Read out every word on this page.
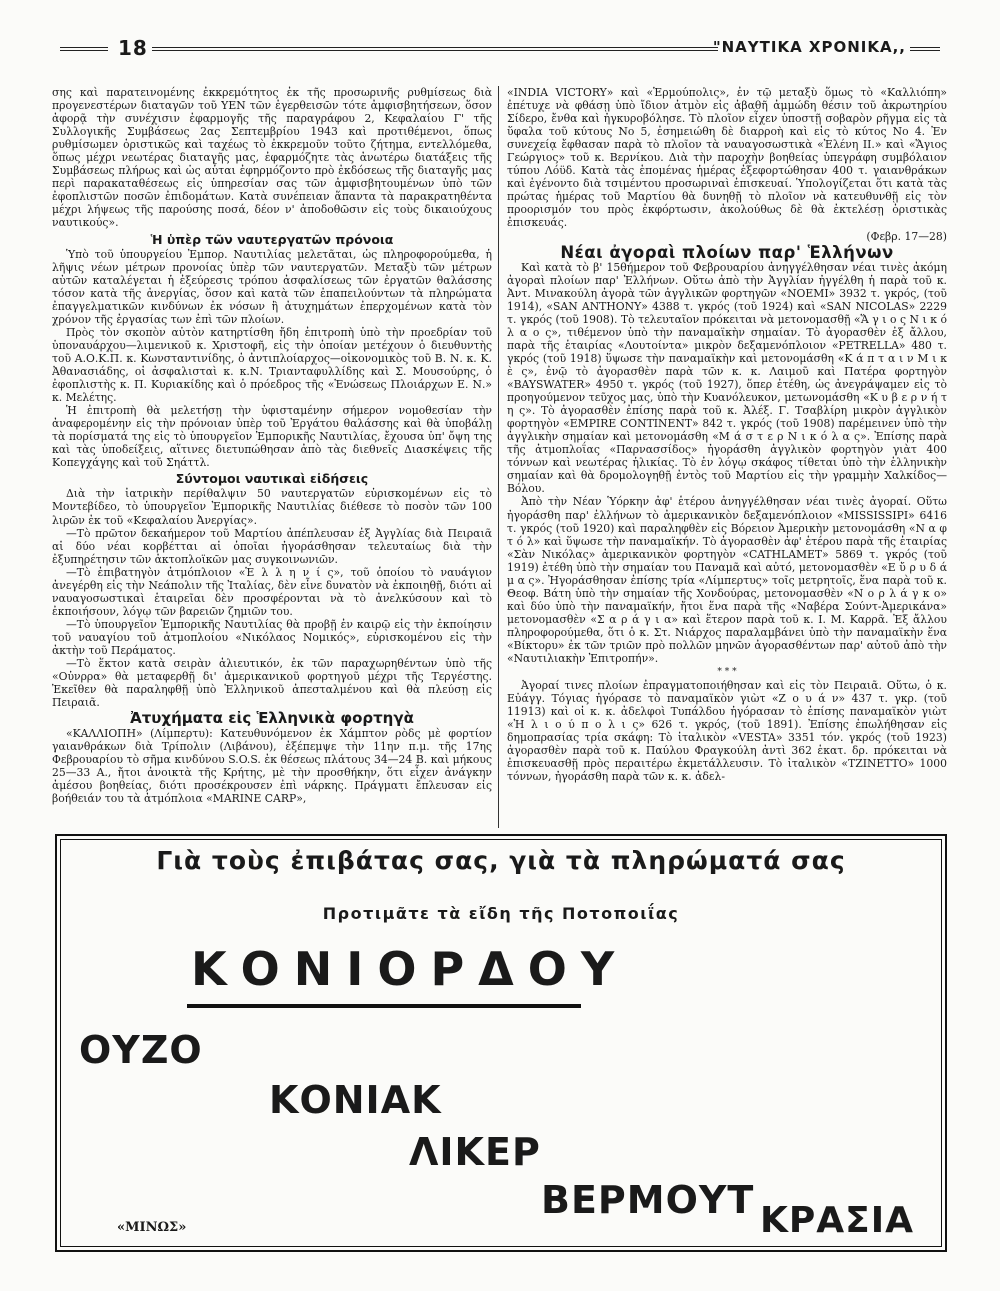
18	"ΝΑΥΤΙΚΑ ΧΡΟΝΙΚΑ,,

σης καὶ παρατεινομένης ἐκκρεμότητος ἐκ τῆς προσωρινῆς ρυθμίσεως διὰ προγενεστέρων διαταγῶν τοῦ ΥΕΝ τῶν ἐγερθεισῶν τότε ἀμφισβητήσεων, ὅσον ἀφορᾷ τὴν συνέχισιν ἐφαρμογῆς τῆς παραγράφου 2, Κεφαλαίου Γ' τῆς Συλλογικῆς Συμβάσεως 2ας Σεπτεμβρίου 1943 καὶ προτιθέμενοι, ὅπως ρυθμίσωμεν ὁριστικῶς καὶ ταχέως τὸ ἐκκρεμοῦν τοῦτο ζήτημα, εντελλόμεθα, ὅπως μέχρι νεωτέρας διαταγῆς μας, ἐφαρμόζητε τὰς ἀνωτέρω διατάξεις τῆς Συμβάσεως πλήρως καὶ ὡς αὗται ἐφηρμόζοντο πρὸ ἐκδόσεως τῆς διαταγῆς μας περὶ παρακαταθέσεως εἰς ὑπηρεσίαν σας τῶν ἀμφισβητουμένων ὑπὸ τῶν ἐφοπλιστῶν ποσῶν ἐπιδομάτων. Κατὰ συνέπειαν ἅπαντα τὰ παρακρατηθέντα μέχρι λήψεως τῆς παρούσης ποσά, δέον ν' ἀποδοθῶσιν εἰς τοὺς δικαιούχους ναυτικούς».

Ἡ ὑπὲρ τῶν ναυτεργατῶν πρόνοια

Ὑπὸ τοῦ ὑπουργείου Ἐμπορ. Ναυτιλίας μελετᾶται, ὡς πληροφορούμεθα, ἡ λῆψις νέων μέτρων προνοίας ὑπὲρ τῶν ναυτεργατῶν. Μεταξὺ τῶν μέτρων αὐτῶν καταλέγεται ἡ ἐξεύρεσις τρόπου ἀσφαλίσεως τῶν ἐργατῶν θαλάσσης τόσον κατὰ τῆς ἀνεργίας, ὅσον καὶ κατὰ τῶν ἐπαπειλούντων τὰ πληρώματα ἐπαγγελματικῶν κινδύνων ἐκ νόσων ἢ ἀτυχημάτων ἐπερχομένων κατὰ τὸν χρόνον τῆς ἐργασίας των ἐπὶ τῶν πλοίων.

Πρὸς τὸν σκοπὸν αὐτὸν κατηρτίσθη ἤδη ἐπιτροπὴ ὑπὸ τὴν προεδρίαν τοῦ ὑποναυάρχου—λιμενικοῦ κ. Χριστοφῆ, εἰς τὴν ὁποίαν μετέχουν ὁ διευθυντὴς τοῦ Α.Ο.Κ.Π. κ. Κωνσταντινίδης, ὁ ἀντιπλοίαρχος—οἰκονομικὸς τοῦ Β. Ν. κ. Κ. Ἀθανασιάδης, οἱ ἀσφαλισταὶ κ. κ.Ν. Τριανταφυλλίδης καὶ Σ. Μουσούρης, ὁ ἐφοπλιστὴς κ. Π. Κυριακίδης καὶ ὁ πρόεδρος τῆς «Ἑνώσεως Πλοιάρχων Ε. Ν.» κ. Μελέτης.

Ἡ ἐπιτροπὴ θὰ μελετήσῃ τὴν ὑφισταμένην σήμερον νομοθεσίαν τὴν ἀναφερομένην εἰς τὴν πρόνοιαν ὑπὲρ τοῦ Ἐργάτου θαλάσσης καὶ θὰ ὑποβάλῃ τὰ πορίσματά της εἰς τὸ ὑπουργεῖον Ἐμπορικῆς Ναυτιλίας, ἔχουσα ὑπ' ὄψη της καὶ τὰς ὑποδείξεις, αἵτινες διετυπώθησαν ἀπὸ τὰς διεθνεῖς Διασκέψεις τῆς Κοπεγχάγης καὶ τοῦ Σηάττλ.

Σύντομοι ναυτικαὶ εἰδήσεις

Διὰ τὴν ἰατρικὴν περίθαλψιν 50 ναυτεργατῶν εὑρισκομένων εἰς τὸ Μοντεβίδεο, τὸ ὑπουργεῖον Ἐμπορικῆς Ναυτιλίας διέθεσε τὸ ποσὸν τῶν 100 λιρῶν ἐκ τοῦ «Κεφαλαίου Ἀνεργίας».

—Τὸ πρῶτον δεκαήμερον τοῦ Μαρτίου ἀπέπλευσαν ἐξ Ἀγγλίας διὰ Πειραιᾶ αἱ δύο νέαι κορβέτται αἱ ὁποῖαι ἠγοράσθησαν τελευταίως διὰ τὴν ἐξυπηρέτησιν τῶν ἀκτοπλοϊκῶν μας συγκοινωνιῶν.

—Τὸ ἐπιβατηγὸν ἀτμόπλοιον «Ἑ λ λ η ν ί ς», τοῦ ὁποίου τὸ ναυάγιον ἀνεγέρθη εἰς τὴν Νεάπολιν τῆς Ἰταλίας, δὲν εἶνε δυνατὸν νὰ ἐκποιηθῇ, διότι αἱ ναυαγοσωστικαὶ ἑταιρεῖαι δὲν προσφέρονται νὰ τὸ ἀνελκύσουν καὶ τὸ ἐκποιήσουν, λόγῳ τῶν βαρειῶν ζημιῶν του.

—Τὸ ὑπουργεῖον Ἐμπορικῆς Ναυτιλίας θὰ προβῇ ἐν καιρῷ εἰς τὴν ἐκποίησιν τοῦ ναυαγίου τοῦ ἀτμοπλοίου «Νικόλαος Νομικός», εὑρισκομένου εἰς τὴν ἀκτὴν τοῦ Περάματος.

—Τὸ ἕκτον κατὰ σειρὰν ἁλιευτικόν, ἐκ τῶν παραχωρηθέντων ὑπὸ τῆς «Οὐνρρα» θὰ μεταφερθῇ δι' ἀμερικανικοῦ φορτηγοῦ μέχρι τῆς Τεργέστης. Ἐκεῖθεν θὰ παραληφθῇ ὑπὸ Ἑλληνικοῦ ἀπεσταλμένου καὶ θὰ πλεύσῃ εἰς Πειραιᾶ.

Ἀτυχήματα εἰς Ἑλληνικὰ φορτηγὰ

«ΚΑΛΛΙΟΠΗ» (Λίμπερτυ): Κατευθυνόμενον ἐκ Χάμπτον ρὸδς μὲ φορτίον γαιανθράκων διὰ Τρίπολιν (Λιβάνου), ἐξέπεμψε τὴν 11ην π.μ. τῆς 17ης Φεβρουαρίου τὸ σῆμα κινδύνου S.O.S. ἐκ θέσεως πλάτους 34—24 Β. καὶ μήκους 25—33 Α., ἤτοι ἀνοικτὰ τῆς Κρήτης, μὲ τὴν προσθήκην, ὅτι εἶχεν ἀνάγκην ἀμέσου βοηθείας, διότι προσέκρουσεν ἐπὶ νάρκης. Πράγματι ἔπλευσαν εἰς βοήθειάν του τὰ ἀτμόπλοια «MARINE CARP»,

«INDIA VICTORY» καὶ «Ἑρμούπολις», ἐν τῷ μεταξὺ ὅμως τὸ «Καλλιόπη» ἐπέτυχε νὰ φθάσῃ ὑπὸ ἴδιον ἀτμὸν εἰς ἀβαθῆ ἀμμώδη θέσιν τοῦ ἀκρωτηρίου Σίδερο, ἔνθα καὶ ἠγκυροβόλησε. Τὸ πλοῖον εἶχεν ὑποστῇ σοβαρὸν ρῆγμα εἰς τὰ ὕφαλα τοῦ κύτους Νο 5, ἐσημειώθη δὲ διαρροὴ καὶ εἰς τὸ κύτος Νο 4. Ἐν συνεχείᾳ ἔφθασαν παρὰ τὸ πλοῖον τὰ ναυαγοσωστικὰ «Ἑλένη ΙΙ.» καὶ «Ἅγιος Γεώργιος» τοῦ κ. Βερνίκου. Διὰ τὴν παροχὴν βοηθείας ὑπεγράφη συμβόλαιον τύπου Λόϋδ. Κατὰ τὰς ἑπομένας ἡμέρας ἐξεφορτώθησαν 400 τ. γαιανθράκων καὶ ἐγένοντο διὰ τσιμέντου προσωριναὶ ἐπισκευαί. Ὑπολογίζεται ὅτι κατὰ τὰς πρώτας ἡμέρας τοῦ Μαρτίου θὰ δυνηθῇ τὸ πλοῖον νὰ κατευθυνθῇ εἰς τὸν προορισμόν του πρὸς ἐκφόρτωσιν, ἀκολούθως δὲ θὰ ἐκτελέσῃ ὁριστικὰς ἐπισκευάς.

(Φεβρ. 17—28)

Νέαι ἀγοραὶ πλοίων παρ' Ἑλλήνων

Καὶ κατὰ τὸ β' 15θήμερον τοῦ Φεβρουαρίου ἀνηγγέλθησαν νέαι τινὲς ἀκόμη ἀγοραὶ πλοίων παρ' Ἑλλήνων. Οὕτω ἀπὸ τὴν Ἀγγλίαν ἠγγέλθη ἡ παρὰ τοῦ κ. Ἀντ. Μινακούλη ἀγορὰ τῶν ἀγγλικῶν φορτηγῶν «NOEMI» 3932 τ. γκρός, (τοῦ 1914), «SAN ANTHONY» 4388 τ. γκρός (τοῦ 1924) καὶ «SAN NICOLAS» 2229 τ. γκρός (τοῦ 1908). Τὸ τελευταῖον πρόκειται νὰ μετονομασθῇ «Ἅ γ ι ο ς Ν ι κ ό λ α ο ς», τιθέμενον ὑπὸ τὴν παναμαϊκὴν σημαίαν. Τὸ ἀγορασθὲν ἐξ ἄλλου, παρὰ τῆς ἑταιρίας «Λουτοίντα» μικρὸν δεξαμενόπλοιον «PETRELLA» 480 τ. γκρός (τοῦ 1918) ὕψωσε τὴν παναμαϊκὴν καὶ μετονομάσθη «Κ ά π τ α ι ν Μ ι κ ὲ ς», ἐνῷ τὸ ἀγορασθὲν παρὰ τῶν κ. κ. Λαιμοῦ καὶ Πατέρα φορτηγὸν «BAYSWATER» 4950 τ. γκρός (τοῦ 1927), ὅπερ ἐτέθη, ὡς ἀνεγράψαμεν εἰς τὸ προηγούμενον τεῦχος μας, ὑπὸ τὴν Κυανόλευκον, μετωνομάσθη «Κ υ β ε ρ ν ή τ η ς». Τὸ ἀγορασθὲν ἐπίσης παρὰ τοῦ κ. Ἀλέξ. Γ. Τσαβλίρη μικρὸν ἀγγλικὸν φορτηγὸν «EMPIRE CONTINENT» 842 τ. γκρός (τοῦ 1908) παρέμεινεν ὑπὸ τὴν ἀγγλικὴν σημαίαν καὶ μετονομάσθη «Μ ά σ τ ε ρ Ν ι κ ό λ α ς». Ἐπίσης παρὰ τῆς ἀτμοπλοΐας «Παρνασσίδος» ἠγοράσθη ἀγγλικὸν φορτηγὸν γιὰτ 400 τόννων καὶ νεωτέρας ἡλικίας. Τὸ ἐν λόγῳ σκάφος τίθεται ὑπὸ τὴν ἑλληνικὴν σημαίαν καὶ θὰ δρομολογηθῇ ἐντὸς τοῦ Μαρτίου εἰς τὴν γραμμὴν Χαλκίδος—Βόλου.

Ἀπὸ τὴν Νέαν Ὑόρκην ἀφ' ἑτέρου ἀνηγγέλθησαν νέαι τινὲς ἀγοραί. Οὕτω ἠγοράσθη παρ' ἑλλήνων τὸ ἀμερικανικὸν δεξαμενόπλοιον «MISSISSIPI» 6416 τ. γκρός (τοῦ 1920) καὶ παραληφθὲν εἰς Βόρειον Ἀμερικὴν μετονομάσθη «Ν α φ τ ό λ» καὶ ὕψωσε τὴν παναμαϊκήν. Τὸ ἀγορασθὲν ἀφ' ἑτέρου παρὰ τῆς ἑταιρίας «Σὰν Νικόλας» ἀμερικανικὸν φορτηγὸν «CATHLAMET» 5869 τ. γκρός (τοῦ 1919) ἐτέθη ὑπὸ τὴν σημαίαν του Παναμᾶ καὶ αὐτό, μετονομασθὲν «Ε ὔ ρ υ δ ά μ α ς». Ἠγοράσθησαν ἐπίσης τρία «Λίμπερτυς» τοῖς μετρητοῖς, ἕνα παρὰ τοῦ κ. Θεοφ. Βάτη ὑπὸ τὴν σημαίαν τῆς Χονδούρας, μετονομασθὲν «Ν ο ρ λ ά γ κ ο» καὶ δύο ὑπὸ τὴν παναμαϊκήν, ἤτοι ἕνα παρὰ τῆς «Ναβέρα Σούντ-Ἀμερικάνα» μετονομασθὲν «Σ α ρ ά γ ι α» καὶ ἕτερον παρὰ τοῦ κ. Ι. Μ. Καρρᾶ. Ἐξ ἄλλου πληροφορούμεθα, ὅτι ὁ κ. Στ. Νιάρχος παραλαμβάνει ὑπὸ τὴν παναμαϊκὴν ἕνα «Βίκτορυ» ἐκ τῶν τριῶν πρὸ πολλῶν μηνῶν ἀγορασθέντων παρ' αὐτοῦ ἀπὸ τὴν «Ναυτιλιακὴν Ἐπιτροπήν».

* * *

Ἀγοραί τινες πλοίων ἐπραγματοποιήθησαν καὶ εἰς τὸν Πειραιᾶ. Οὕτω, ὁ κ. Εὐάγγ. Τόγιας ἠγόρασε τὸ παναμαϊκὸν γιὼτ «Ζ ο υ ά ν» 437 τ. γκρ. (τοῦ 11913) καὶ οἱ κ. κ. ἀδελφοὶ Τυπάλδου ἠγόρασαν τὸ ἐπίσης παναμαϊκὸν γιὼτ «Ἡ λ ι ο ύ π ο λ ι ς» 626 τ. γκρός, (τοῦ 1891). Ἐπίσης ἐπωλήθησαν εἰς δημοπρασίας τρία σκάφη: Τὸ ἰταλικὸν «VESTA» 3351 τόν. γκρός (τοῦ 1923) ἀγορασθὲν παρὰ τοῦ κ. Παύλου Φραγκούλη ἀντὶ 362 ἑκατ. δρ. πρόκειται νὰ ἐπισκευασθῇ πρὸς περαιτέρω ἐκμετάλλευσιν. Τὸ ἰταλικὸν «ΤΖΙΝΕΤΤΟ» 1000 τόννων, ἠγοράσθη παρὰ τῶν κ. κ. ἀδελ-

Γιὰ τοὺς ἐπιβάτας σας, γιὰ τὰ πληρώματά σας
Προτιμᾶτε τὰ εἴδη τῆς Ποτοποιΐας
ΚΟΝΙΟΡΔΟΥ
ΟΥΖΟ
ΚΟΝΙΑΚ
ΛΙΚΕΡ
ΒΕΡΜΟΥΤ
«ΜΙΝΩΣ»	ΚΡΑΣΙΑ
